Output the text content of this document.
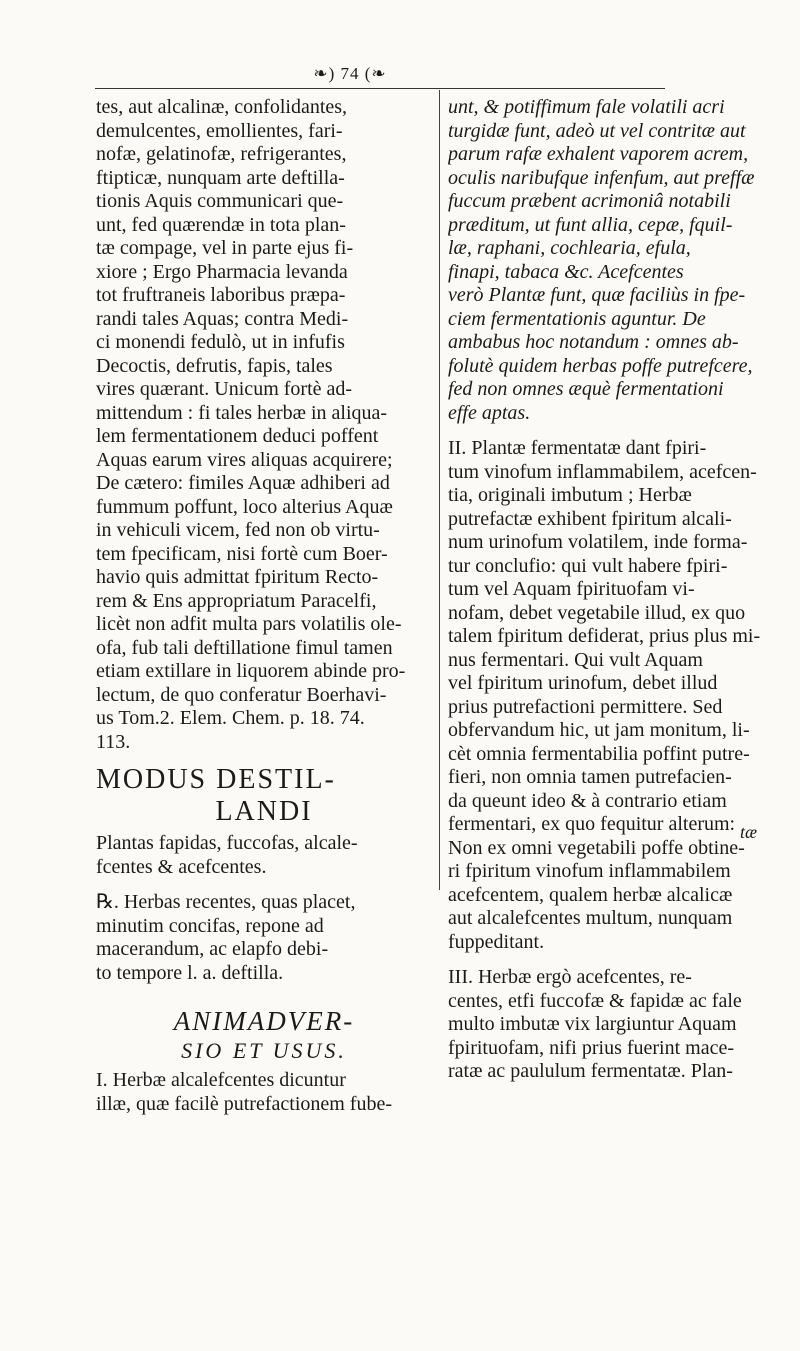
❧) 74 (❧
tes, aut alcalinæ, confolidantes,
demulcentes, emollientes, fari-
nofæ, gelatinofæ, refrigerantes,
ftipticæ, nunquam arte deftilla-
tionis Aquis communicari que-
unt, fed quærendæ in tota plan-
tæ compage, vel in parte ejus fi-
xiore ; Ergo Pharmacia levanda
tot fruftraneis laboribus præpa-
randi tales Aquas; contra Medi-
ci monendi fedulò, ut in infufis
Decoctis, defrutis, fapis, tales
vires quærant. Unicum fortè ad-
mittendum : fi tales herbæ in aliqua-
lem fermentationem deduci poffent
Aquas earum vires aliquas acquirere;
De cætero: fimiles Aquæ adhiberi ad
fummum poffunt, loco alterius Aquæ
in vehiculi vicem, fed non ob virtu-
tem fpecificam, nisi fortè cum Boer-
havio quis admittat fpiritum Recto-
rem & Ens appropriatum Paracelfi,
licèt non adfit multa pars volatilis ole-
ofa, fub tali deftillatione fimul tamen
etiam extillare in liquorem abinde pro-
lectum, de quo conferatur Boerhavi-
us Tom.2. Elem. Chem. p. 18. 74.
113.
MODUS DESTIL-
LANDI
Plantas fapidas, fuccofas, alcale-
fcentes & acefcentes.
℞. Herbas recentes, quas placet,
minutim concifas, repone ad
macerandum, ac elapfo debi-
to tempore l. a. deftilla.
ANIMADVER-
SIO ET USUS.
I. Herbæ alcalefcentes dicuntur
illæ, quæ facilè putrefactionem fube-
unt, & potiffimum fale volatili acri
turgidæ funt, adeò ut vel contritæ aut
parum rafæ exhalent vaporem acrem,
oculis naribufque infenfum, aut preffæ
fuccum præbent acrimoniâ notabili
præditum, ut funt allia, cepæ, fquil-
læ, raphani, cochlearia, efula,
finapi, tabaca &c. Acefcentes
verò Plantæ funt, quæ faciliùs in fpe-
ciem fermentationis aguntur. De
ambabus hoc notandum : omnes ab-
folutè quidem herbas poffe putrefcere,
fed non omnes æquè fermentationi
effe aptas.
II. Plantæ fermentatæ dant fpiri-
tum vinofum inflammabilem, acefcen-
tia, originali imbutum ; Herbæ
putrefactæ exhibent fpiritum alcali-
num urinofum volatilem, inde forma-
tur conclufio: qui vult habere fpiri-
tum vel Aquam fpirituofam vi-
nofam, debet vegetabile illud, ex quo
talem fpiritum defiderat, prius plus mi-
nus fermentari. Qui vult Aquam
vel fpiritum urinofum, debet illud
prius putrefactioni permittere. Sed
obfervandum hic, ut jam monitum, li-
cèt omnia fermentabilia poffint putre-
fieri, non omnia tamen putrefacien-
da queunt ideo & à contrario etiam
fermentari, ex quo fequitur alterum:
Non ex omni vegetabili poffe obtine-
ri fpiritum vinofum inflammabilem
acefcentem, qualem herbæ alcalicæ
aut alcalefcentes multum, nunquam
fuppeditant.
III. Herbæ ergò acefcentes, re-
centes, etfi fuccofæ & fapidæ ac fale
multo imbutæ vix largiuntur Aquam
fpirituofam, nifi prius fuerint mace-
ratæ ac paululum fermentatæ. Plan-
tæ
